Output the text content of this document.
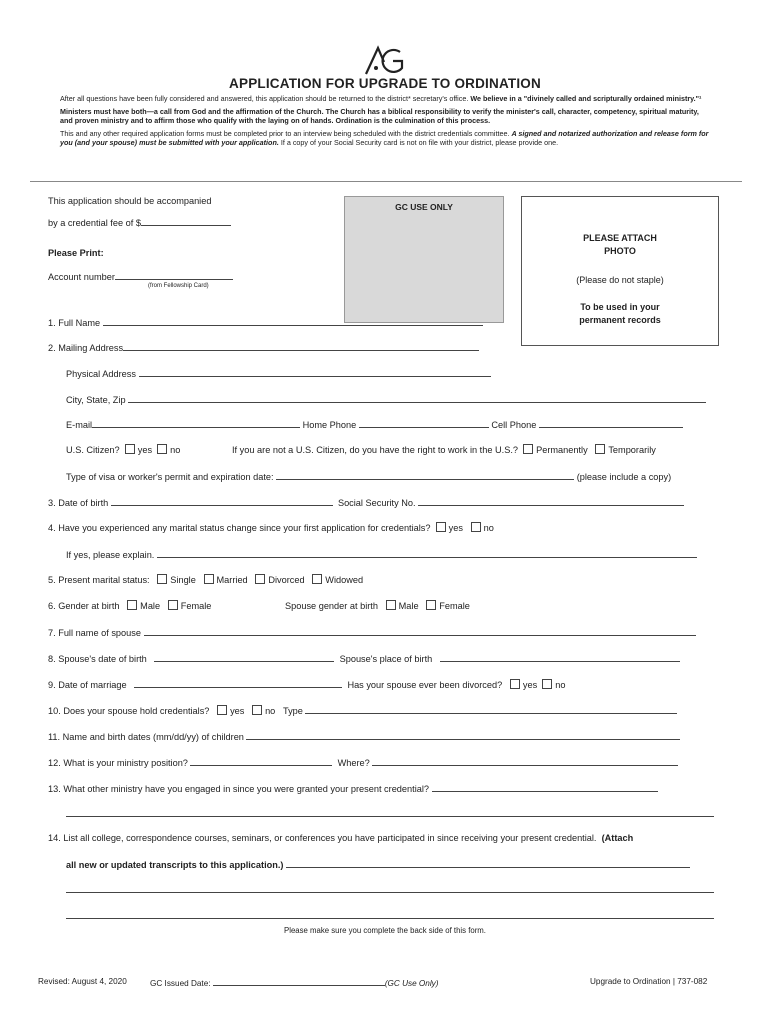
APPLICATION FOR UPGRADE TO ORDINATION

After all questions have been fully considered and answered, this application should be returned to the district* secretary's office. We believe in a "divinely called and scripturally ordained ministry."¹

Ministers must have both—a call from God and the affirmation of the Church. The Church has a biblical responsibility to verify the minister's call, character, competency, spiritual maturity, and proven ministry and to affirm those who qualify with the laying on of hands. Ordination is the culmination of this process.

This and any other required application forms must be completed prior to an interview being scheduled with the district credentials committee. A signed and notarized authorization and release form for you (and your spouse) must be submitted with your application. If a copy of your Social Security card is not on file with your district, please provide one.

This application should be accompanied
by a credential fee of $
Please Print:
Account number
(from Fellowship Card)
GC USE ONLY
PLEASE ATTACH
PHOTO
(Please do not staple)
To be used in your
permanent records
1. Full Name
2. Mailing Address
Physical Address
City, State, Zip
E-mail	Home Phone	Cell Phone
U.S. Citizen? yes no	If you are not a U.S. Citizen, do you have the right to work in the U.S.? Permanently Temporarily
Type of visa or worker's permit and expiration date:	(please include a copy)
3. Date of birth	Social Security No.
4. Have you experienced any marital status change since your first application for credentials? yes no
If yes, please explain.
5. Present marital status: Single Married Divorced Widowed
6. Gender at birth Male Female	Spouse gender at birth Male Female
7. Full name of spouse
8. Spouse's date of birth	Spouse's place of birth
9. Date of marriage	Has your spouse ever been divorced? yes no
10. Does your spouse hold credentials? yes no Type
11. Name and birth dates (mm/dd/yy) of children
12. What is your ministry position?	Where?
13. What other ministry have you engaged in since you were granted your present credential?
14. List all college, correspondence courses, seminars, or conferences you have participated in since receiving your present credential. (Attach
all new or updated transcripts to this application.)
Please make sure you complete the back side of this form.
Revised: August 4, 2020	GC Issued Date:	(GC Use Only)	Upgrade to Ordination | 737-082
